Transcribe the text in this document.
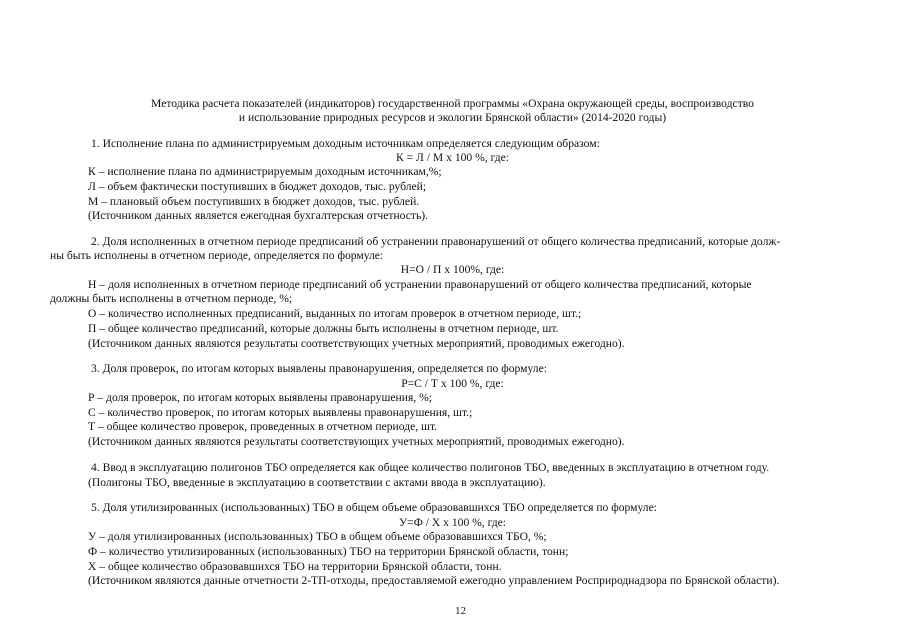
Методика расчета показателей (индикаторов) государственной программы «Охрана окружающей среды, воспроизводство
и использование природных ресурсов и экологии Брянской области» (2014-2020 годы)
1. Исполнение плана по администрируемым доходным источникам определяется следующим образом:
К = Л / М х 100 %, где:
К – исполнение плана по администрируемым доходным источникам,%;
Л – объем фактически поступивших в бюджет доходов, тыс. рублей;
М – плановый объем поступивших в бюджет доходов, тыс. рублей.
(Источником данных является ежегодная бухгалтерская отчетность).
2. Доля исполненных в отчетном периоде предписаний об устранении правонарушений от общего количества предписаний, которые долж-
ны быть исполнены в отчетном периоде, определяется по формуле:
Н=О / П х 100%, где:
Н – доля исполненных в отчетном периоде предписаний об устранении правонарушений от общего количества предписаний, которые
должны быть исполнены в отчетном периоде, %;
О – количество исполненных предписаний, выданных по итогам проверок в отчетном периоде, шт.;
П – общее количество предписаний, которые должны быть исполнены в отчетном периоде, шт.
(Источником данных являются результаты соответствующих учетных мероприятий, проводимых ежегодно).
3. Доля проверок, по итогам которых выявлены правонарушения, определяется по формуле:
Р=С / Т х 100 %, где:
Р – доля проверок, по итогам которых выявлены правонарушения, %;
С – количество проверок, по итогам которых выявлены правонарушения, шт.;
Т – общее количество проверок, проведенных в отчетном периоде, шт.
(Источником данных являются результаты соответствующих учетных мероприятий, проводимых ежегодно).
4. Ввод в эксплуатацию полигонов ТБО определяется как общее количество полигонов ТБО, введенных в эксплуатацию в отчетном году.
(Полигоны ТБО, введенные в эксплуатацию в соответствии с актами ввода в эксплуатацию).
5. Доля утилизированных (использованных) ТБО в общем объеме образовавшихся ТБО определяется по формуле:
У=Ф / Х х 100 %, где:
У – доля утилизированных (использованных) ТБО в общем объеме образовавшихся ТБО, %;
Ф – количество утилизированных (использованных) ТБО на территории Брянской области, тонн;
Х – общее количество образовавшихся ТБО на территории Брянской области, тонн.
(Источником являются данные отчетности 2-ТП-отходы, предоставляемой ежегодно управлением Росприроднадзора по Брянской области).
12
